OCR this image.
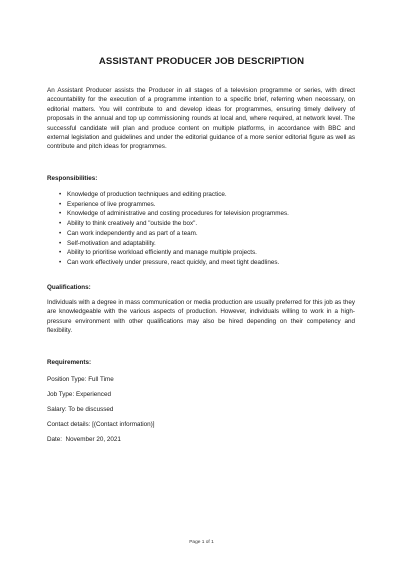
ASSISTANT PRODUCER JOB DESCRIPTION

An Assistant Producer assists the Producer in all stages of a television programme or series, with direct accountability for the execution of a programme intention to a specific brief, referring when necessary, on editorial matters. You will contribute to and develop ideas for programmes, ensuring timely delivery of proposals in the annual and top up commissioning rounds at local and, where required, at network level. The successful candidate will plan and produce content on multiple platforms, in accordance with BBC and external legislation and guidelines and under the editorial guidance of a more senior editorial figure as well as contribute and pitch ideas for programmes.

Responsibilities:

• Knowledge of production techniques and editing practice.
• Experience of live programmes.
• Knowledge of administrative and costing procedures for television programmes.
• Ability to think creatively and "outside the box".
• Can work independently and as part of a team.
• Self-motivation and adaptability.
• Ability to prioritise workload efficiently and manage multiple projects.
• Can work effectively under pressure, react quickly, and meet tight deadlines.

Qualifications:

Individuals with a degree in mass communication or media production are usually preferred for this job as they are knowledgeable with the various aspects of production. However, individuals willing to work in a high-pressure environment with other qualifications may also be hired depending on their competency and flexibility.

Requirements:

Position Type: Full Time

Job Type: Experienced

Salary: To be discussed

Contact details: [(Contact information)]

Date:  November 20, 2021

Page 1 of 1
